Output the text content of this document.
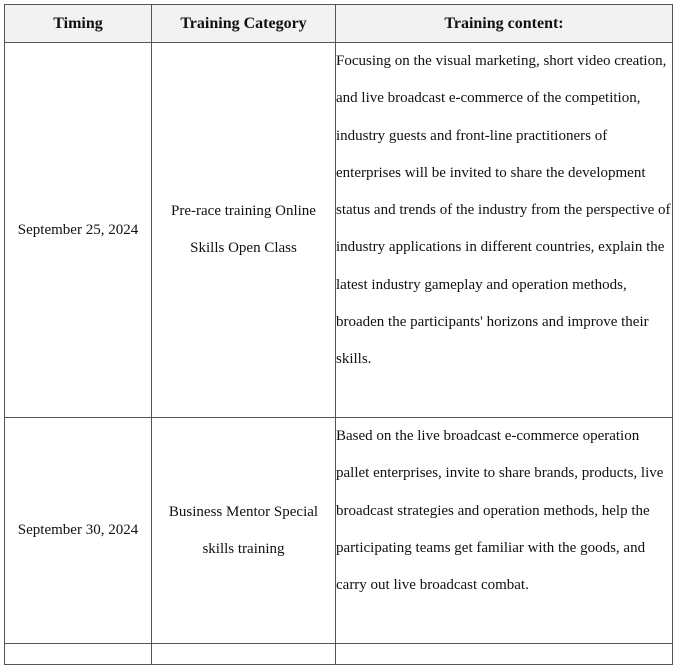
Timing	Training Category	Training content:
September 25, 2024	Pre-race training Online Skills Open Class	Focusing on the visual marketing, short video creation, and live broadcast e-commerce of the competition, industry guests and front-line practitioners of enterprises will be invited to share the development status and trends of the industry from the perspective of industry applications in different countries, explain the latest industry gameplay and operation methods, broaden the participants' horizons and improve their skills.

September 30, 2024	Business Mentor Special skills training	Based on the live broadcast e-commerce operation pallet enterprises, invite to share brands, products, live broadcast strategies and operation methods, help the participating teams get familiar with the goods, and carry out live broadcast combat.
